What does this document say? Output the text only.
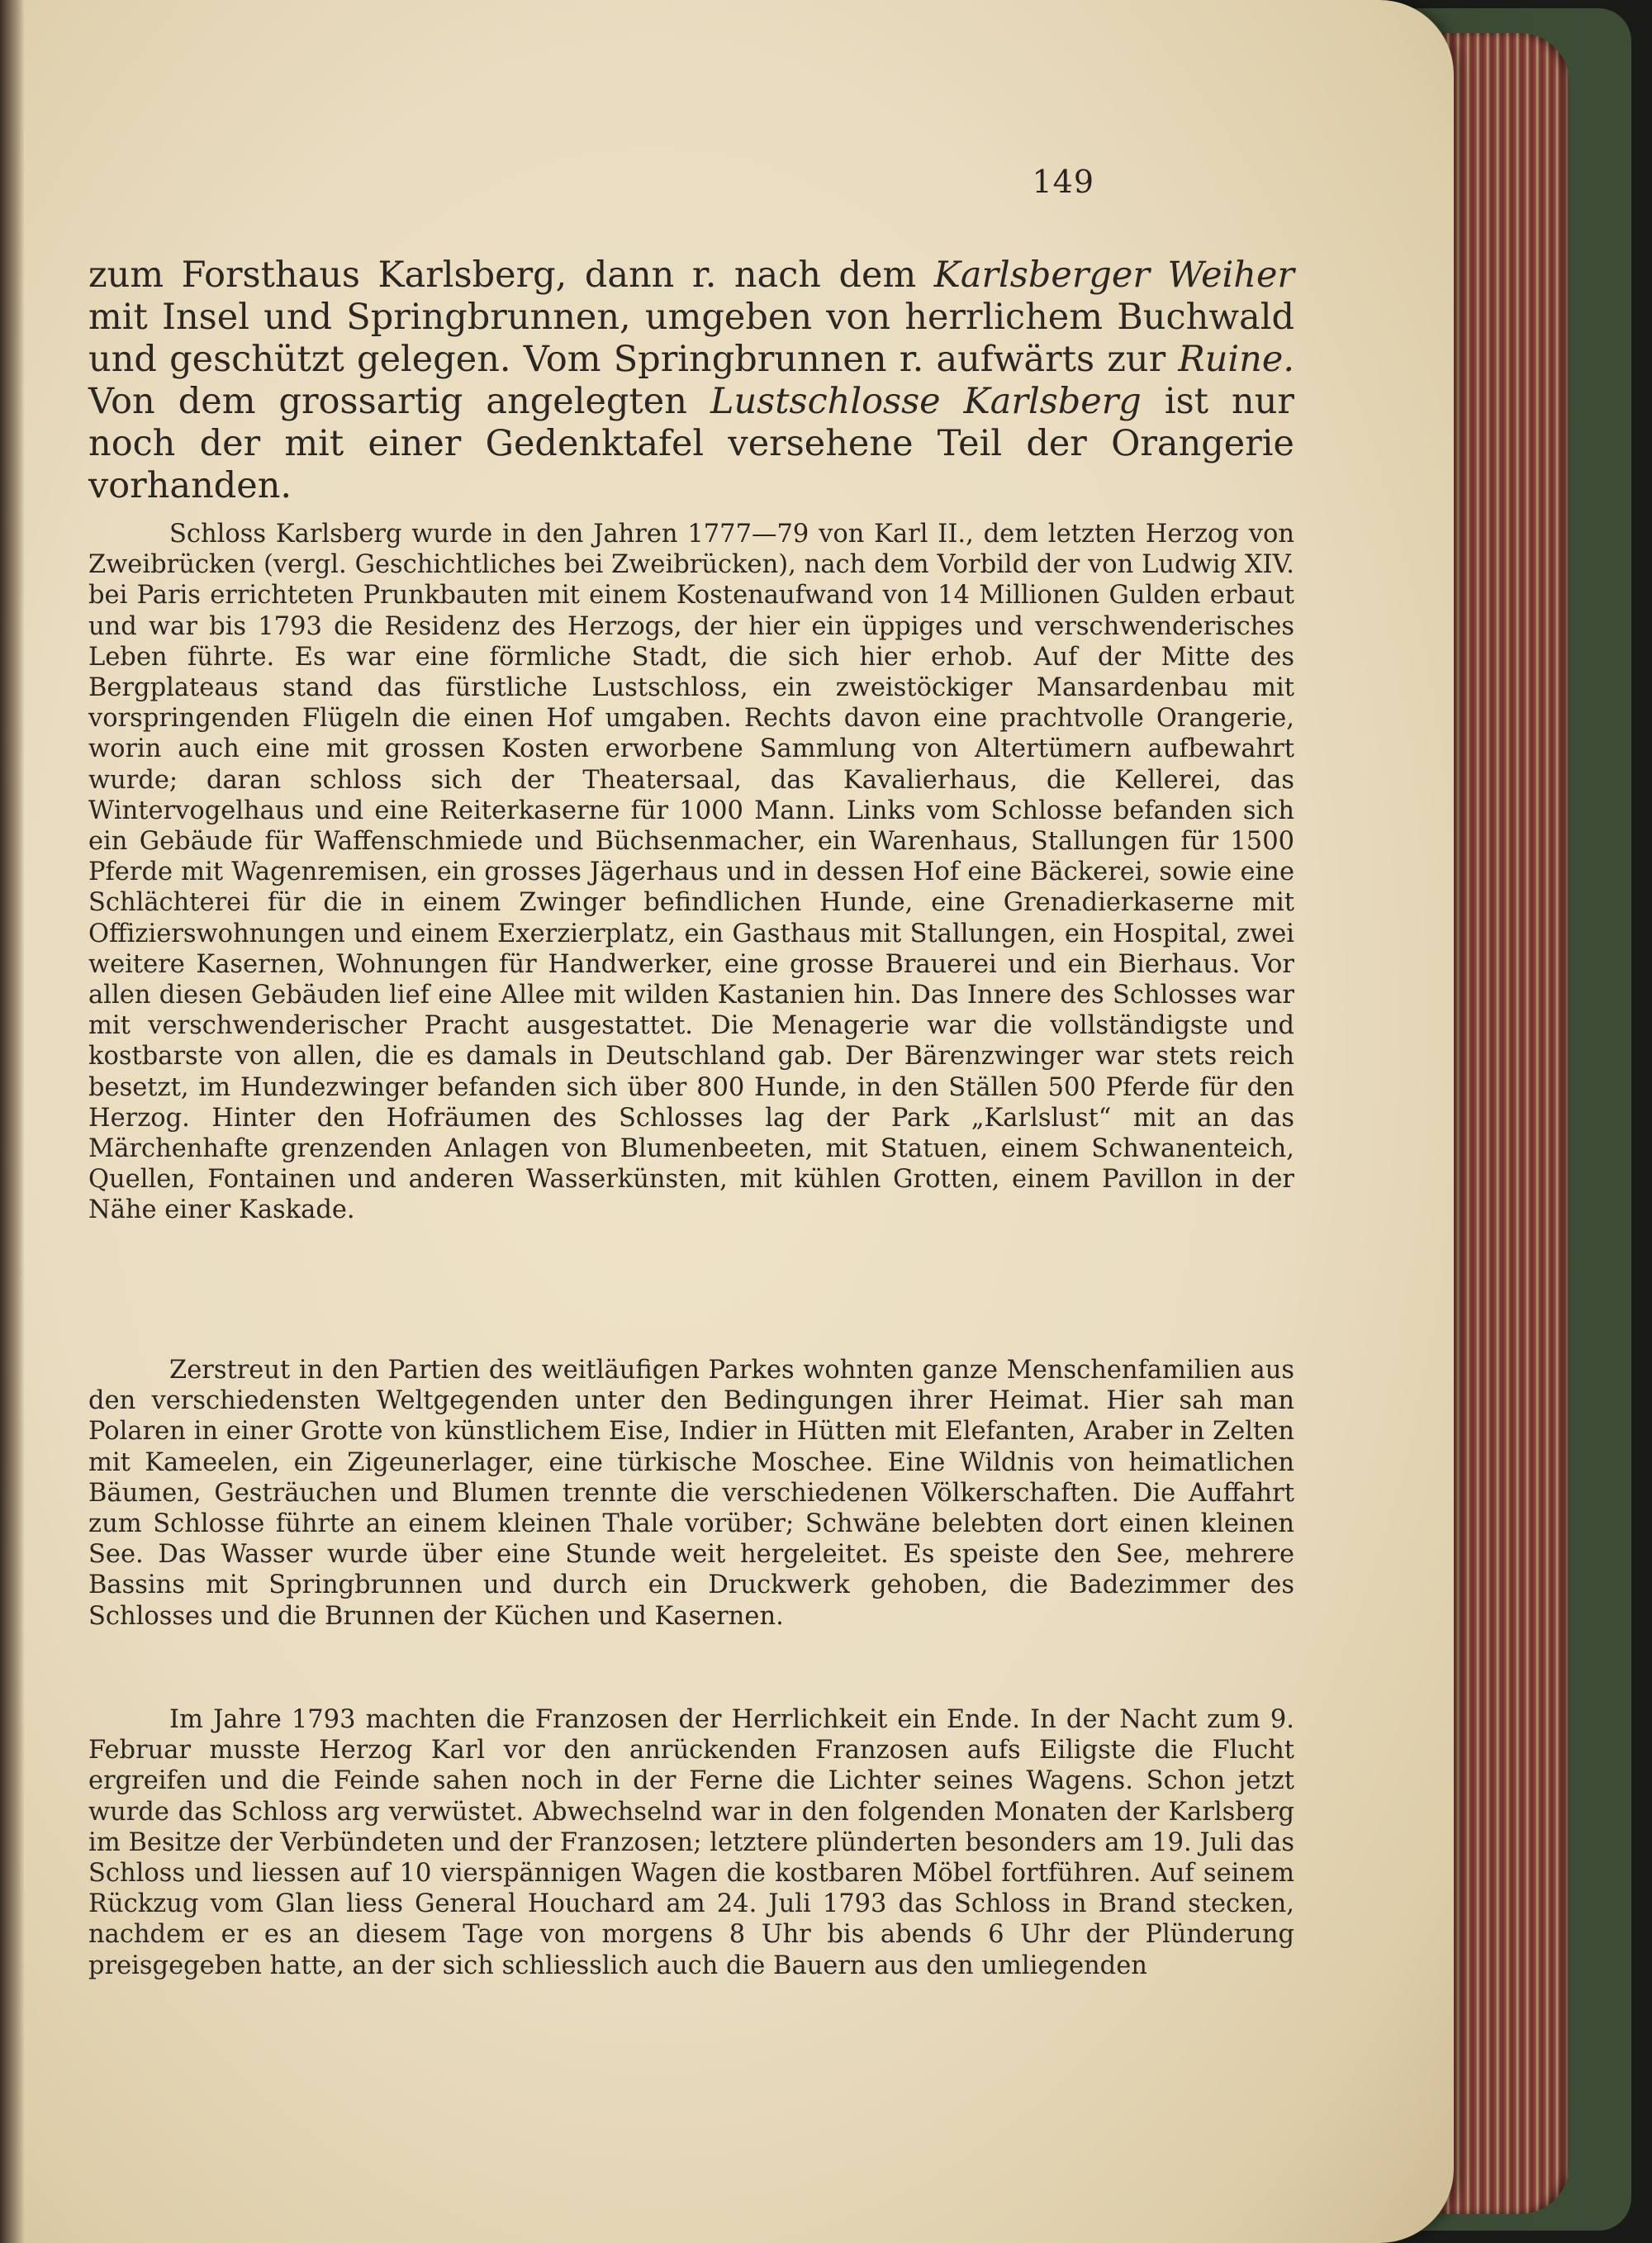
149

zum Forsthaus Karlsberg, dann r. nach dem Karlsberger Weiher mit Insel und Springbrunnen, umgeben von herrlichem Buchwald und geschützt gelegen. Vom Springbrunnen r. aufwärts zur Ruine. Von dem grossartig angelegten Lustschlosse Karlsberg ist nur noch der mit einer Gedenktafel versehene Teil der Orangerie vorhanden.

Schloss Karlsberg wurde in den Jahren 1777—79 von Karl II., dem letzten Herzog von Zweibrücken (vergl. Geschichtliches bei Zweibrücken), nach dem Vorbild der von Ludwig XIV. bei Paris errichteten Prunkbauten mit einem Kostenaufwand von 14 Millionen Gulden erbaut und war bis 1793 die Residenz des Herzogs, der hier ein üppiges und verschwenderisches Leben führte. Es war eine förmliche Stadt, die sich hier erhob. Auf der Mitte des Bergplateaus stand das fürstliche Lustschloss, ein zweistöckiger Mansardenbau mit vorspringenden Flügeln die einen Hof umgaben. Rechts davon eine prachtvolle Orangerie, worin auch eine mit grossen Kosten erworbene Sammlung von Altertümern aufbewahrt wurde; daran schloss sich der Theatersaal, das Kavalierhaus, die Kellerei, das Wintervogelhaus und eine Reiterkaserne für 1000 Mann. Links vom Schlosse befanden sich ein Gebäude für Waffenschmiede und Büchsenmacher, ein Warenhaus, Stallungen für 1500 Pferde mit Wagenremisen, ein grosses Jägerhaus und in dessen Hof eine Bäckerei, sowie eine Schlächterei für die in einem Zwinger befindlichen Hunde, eine Grenadierkaserne mit Offizierswohnungen und einem Exerzierplatz, ein Gasthaus mit Stallungen, ein Hospital, zwei weitere Kasernen, Wohnungen für Handwerker, eine grosse Brauerei und ein Bierhaus. Vor allen diesen Gebäuden lief eine Allee mit wilden Kastanien hin. Das Innere des Schlosses war mit verschwenderischer Pracht ausgestattet. Die Menagerie war die vollständigste und kostbarste von allen, die es damals in Deutschland gab. Der Bärenzwinger war stets reich besetzt, im Hundezwinger befanden sich über 800 Hunde, in den Ställen 500 Pferde für den Herzog. Hinter den Hofräumen des Schlosses lag der Park „Karlslust“ mit an das Märchenhafte grenzenden Anlagen von Blumenbeeten, mit Statuen, einem Schwanenteich, Quellen, Fontainen und anderen Wasserkünsten, mit kühlen Grotten, einem Pavillon in der Nähe einer Kaskade.

Zerstreut in den Partien des weitläufigen Parkes wohnten ganze Menschenfamilien aus den verschiedensten Weltgegenden unter den Bedingungen ihrer Heimat. Hier sah man Polaren in einer Grotte von künstlichem Eise, Indier in Hütten mit Elefanten, Araber in Zelten mit Kameelen, ein Zigeunerlager, eine türkische Moschee. Eine Wildnis von heimatlichen Bäumen, Gesträuchen und Blumen trennte die verschiedenen Völkerschaften. Die Auffahrt zum Schlosse führte an einem kleinen Thale vorüber; Schwäne belebten dort einen kleinen See. Das Wasser wurde über eine Stunde weit hergeleitet. Es speiste den See, mehrere Bassins mit Springbrunnen und durch ein Druckwerk gehoben, die Badezimmer des Schlosses und die Brunnen der Küchen und Kasernen.

Im Jahre 1793 machten die Franzosen der Herrlichkeit ein Ende. In der Nacht zum 9. Februar musste Herzog Karl vor den anrückenden Franzosen aufs Eiligste die Flucht ergreifen und die Feinde sahen noch in der Ferne die Lichter seines Wagens. Schon jetzt wurde das Schloss arg verwüstet. Abwechselnd war in den folgenden Monaten der Karlsberg im Besitze der Verbündeten und der Franzosen; letztere plünderten besonders am 19. Juli das Schloss und liessen auf 10 vierspännigen Wagen die kostbaren Möbel fortführen. Auf seinem Rückzug vom Glan liess General Houchard am 24. Juli 1793 das Schloss in Brand stecken, nachdem er es an diesem Tage von morgens 8 Uhr bis abends 6 Uhr der Plünderung preisgegeben hatte, an der sich schliesslich auch die Bauern aus den umliegenden
